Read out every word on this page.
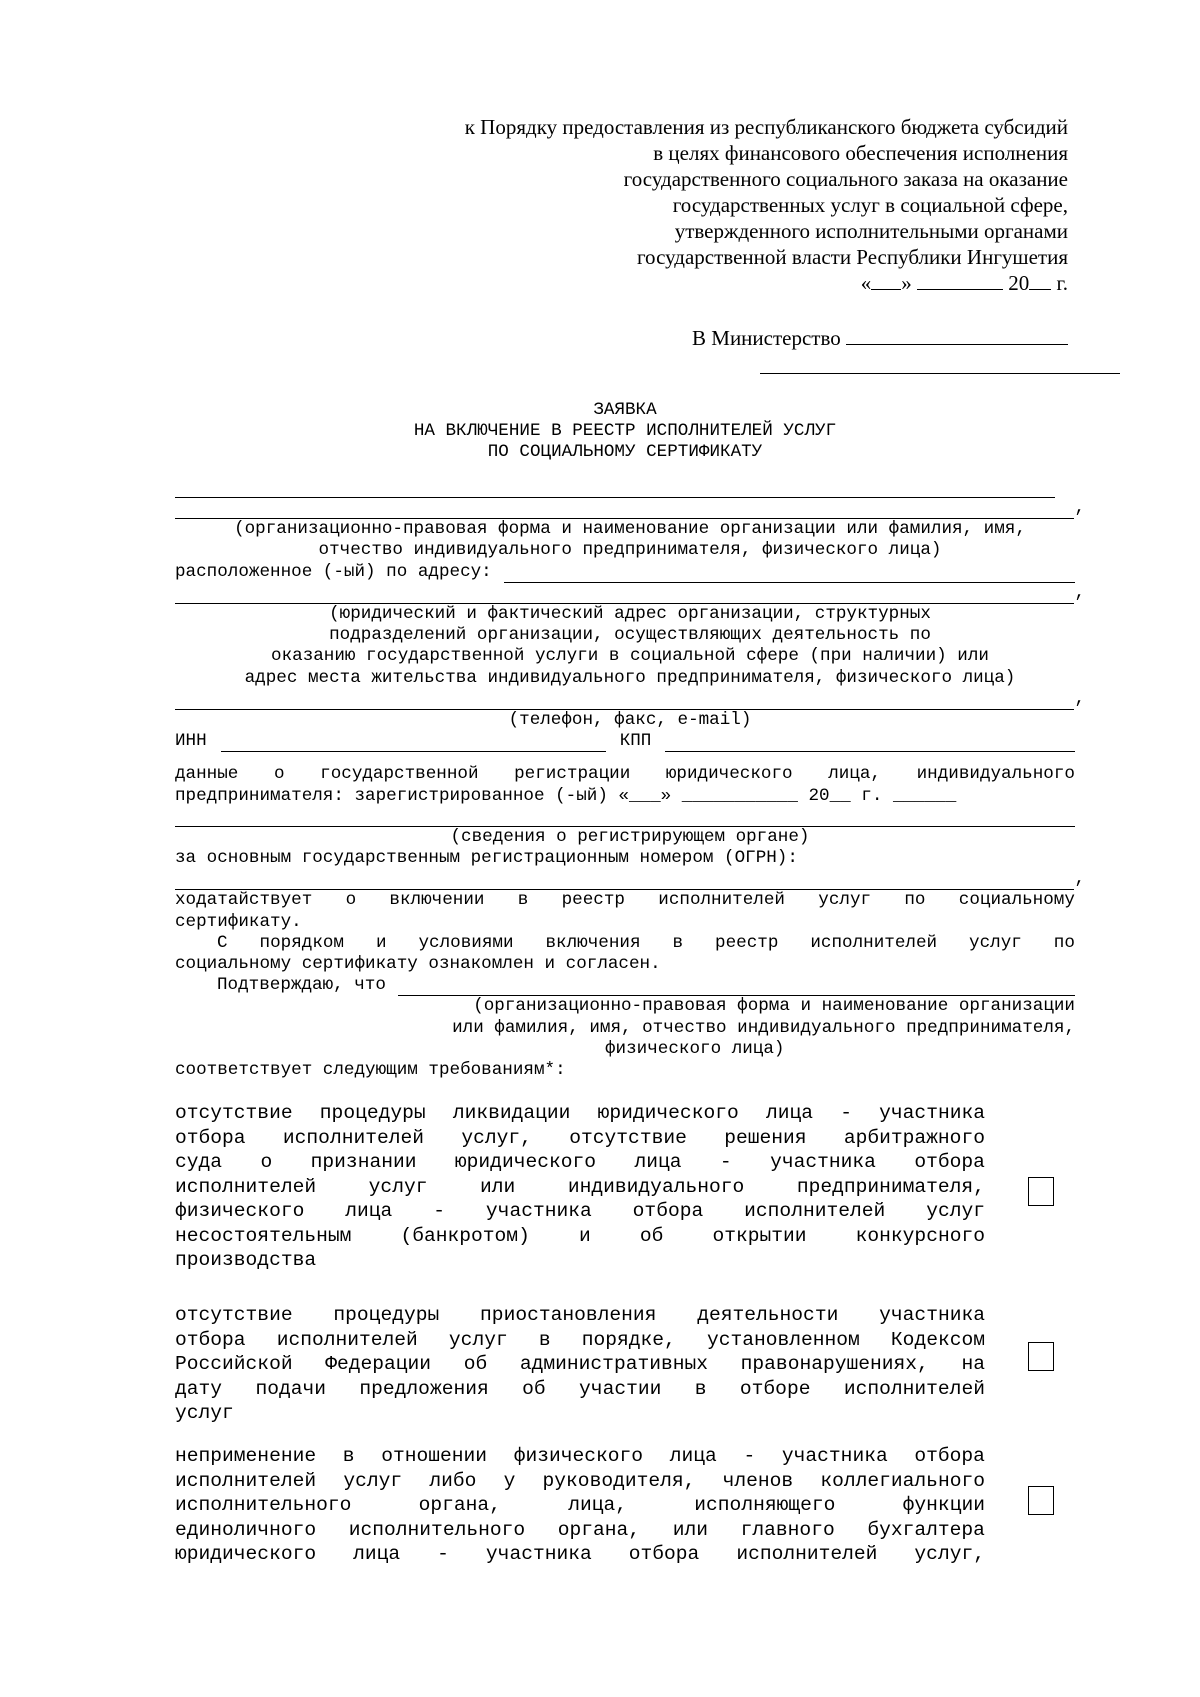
к Порядку предоставления из республиканского бюджета субсидий
в целях финансового обеспечения исполнения
государственного социального заказа на оказание
государственных услуг в социальной сфере,
утвержденного исполнительными органами
государственной власти Республики Ингушетия
« »	20 г.
В Министерство
ЗАЯВКА
НА ВКЛЮЧЕНИЕ В РЕЕСТР ИСПОЛНИТЕЛЕЙ УСЛУГ
ПО СОЦИАЛЬНОМУ СЕРТИФИКАТУ
,
(организационно-правовая форма и наименование организации или фамилия, имя,
отчество индивидуального предпринимателя, физического лица)
расположенное (-ый) по адресу:
,
(юридический и фактический адрес организации, структурных
подразделений организации, осуществляющих деятельность по
оказанию государственной услуги в социальной сфере (при наличии) или
адрес места жительства индивидуального предпринимателя, физического лица)
,
(телефон, факс, e-mail)
ИНН	КПП
данные о государственной регистрации юридического лица, индивидуального
предпринимателя: зарегистрированное (-ый) «___» ___________ 20__ г. ______
(сведения о регистрирующем органе)
за основным государственным регистрационным номером (ОГРН):
,
ходатайствует о включении в реестр исполнителей услуг по социальному
сертификату.
С порядком и условиями включения в реестр исполнителей услуг по
социальному сертификату ознакомлен и согласен.
Подтверждаю, что
(организационно-правовая форма и наименование организации
или фамилия, имя, отчество индивидуального предпринимателя,
физического лица)
соответствует следующим требованиям*:
отсутствие процедуры ликвидации юридического лица - участника
отбора исполнителей услуг, отсутствие решения арбитражного
суда о признании юридического лица - участника отбора
исполнителей	услуг	или	индивидуального	предпринимателя,
физического лица - участника отбора исполнителей услуг
несостоятельным	(банкротом)	и	об	открытии	конкурсного
производства
отсутствие процедуры приостановления деятельности участника
отбора исполнителей услуг в порядке, установленном Кодексом
Российской Федерации об административных правонарушениях, на
дату подачи предложения об участии в отборе исполнителей
услуг
неприменение в отношении физического лица - участника отбора
исполнителей услуг либо у руководителя, членов коллегиального
исполнительного	органа,	лица,	исполняющего	функции
единоличного исполнительного органа, или главного бухгалтера
юридического лица - участника отбора исполнителей услуг,
